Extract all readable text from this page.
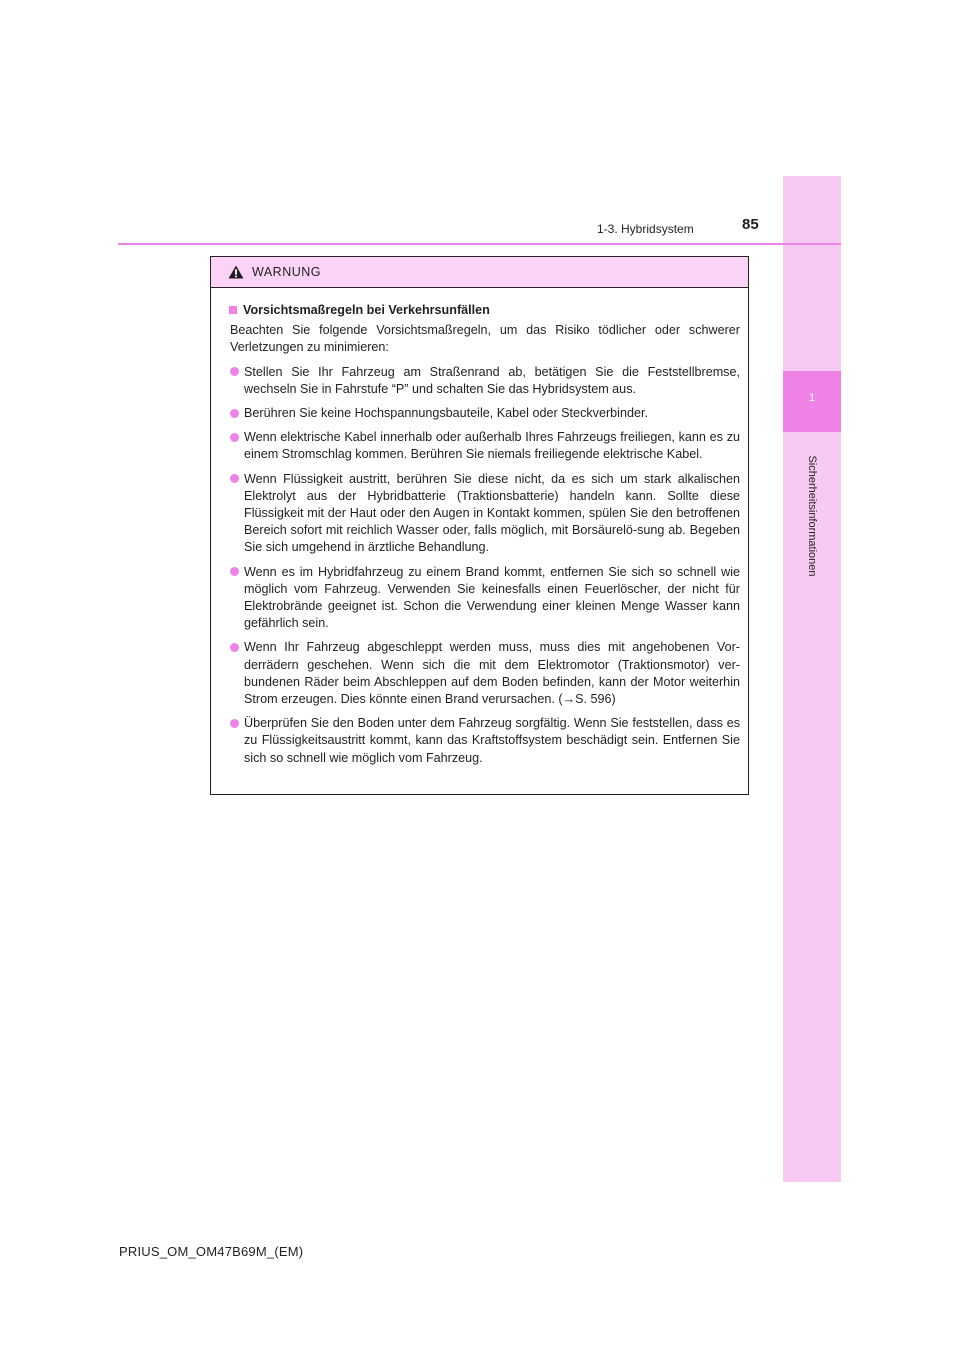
1
Sicherheitsinformationen
1-3. Hybridsystem	85
WARNUNG
Vorsichtsmaßregeln bei Verkehrsunfällen
Beachten Sie folgende Vorsichtsmaßregeln, um das Risiko tödlicher oder schwerer Verletzungen zu minimieren:
Stellen Sie Ihr Fahrzeug am Straßenrand ab, betätigen Sie die Feststellbremse, wechseln Sie in Fahrstufe “P” und schalten Sie das Hybridsystem aus.
Berühren Sie keine Hochspannungsbauteile, Kabel oder Steckverbinder.
Wenn elektrische Kabel innerhalb oder außerhalb Ihres Fahrzeugs freiliegen, kann es zu einem Stromschlag kommen. Berühren Sie niemals freiliegende elektrische Kabel.
Wenn Flüssigkeit austritt, berühren Sie diese nicht, da es sich um stark alkalischen Elektrolyt aus der Hybridbatterie (Traktionsbatterie) handeln kann. Sollte diese Flüssigkeit mit der Haut oder den Augen in Kontakt kommen, spülen Sie den betroffenen Bereich sofort mit reichlich Wasser oder, falls möglich, mit Borsäurelö-sung ab. Begeben Sie sich umgehend in ärztliche Behandlung.
Wenn es im Hybridfahrzeug zu einem Brand kommt, entfernen Sie sich so schnell wie möglich vom Fahrzeug. Verwenden Sie keinesfalls einen Feuerlöscher, der nicht für Elektrobrände geeignet ist. Schon die Verwendung einer kleinen Menge Wasser kann gefährlich sein.
Wenn Ihr Fahrzeug abgeschleppt werden muss, muss dies mit angehobenen Vor-derrädern geschehen. Wenn sich die mit dem Elektromotor (Traktionsmotor) ver-bundenen Räder beim Abschleppen auf dem Boden befinden, kann der Motor weiterhin Strom erzeugen. Dies könnte einen Brand verursachen. (→S. 596)
Überprüfen Sie den Boden unter dem Fahrzeug sorgfältig. Wenn Sie feststellen, dass es zu Flüssigkeitsaustritt kommt, kann das Kraftstoffsystem beschädigt sein. Entfernen Sie sich so schnell wie möglich vom Fahrzeug.
PRIUS_OM_OM47B69M_(EM)
